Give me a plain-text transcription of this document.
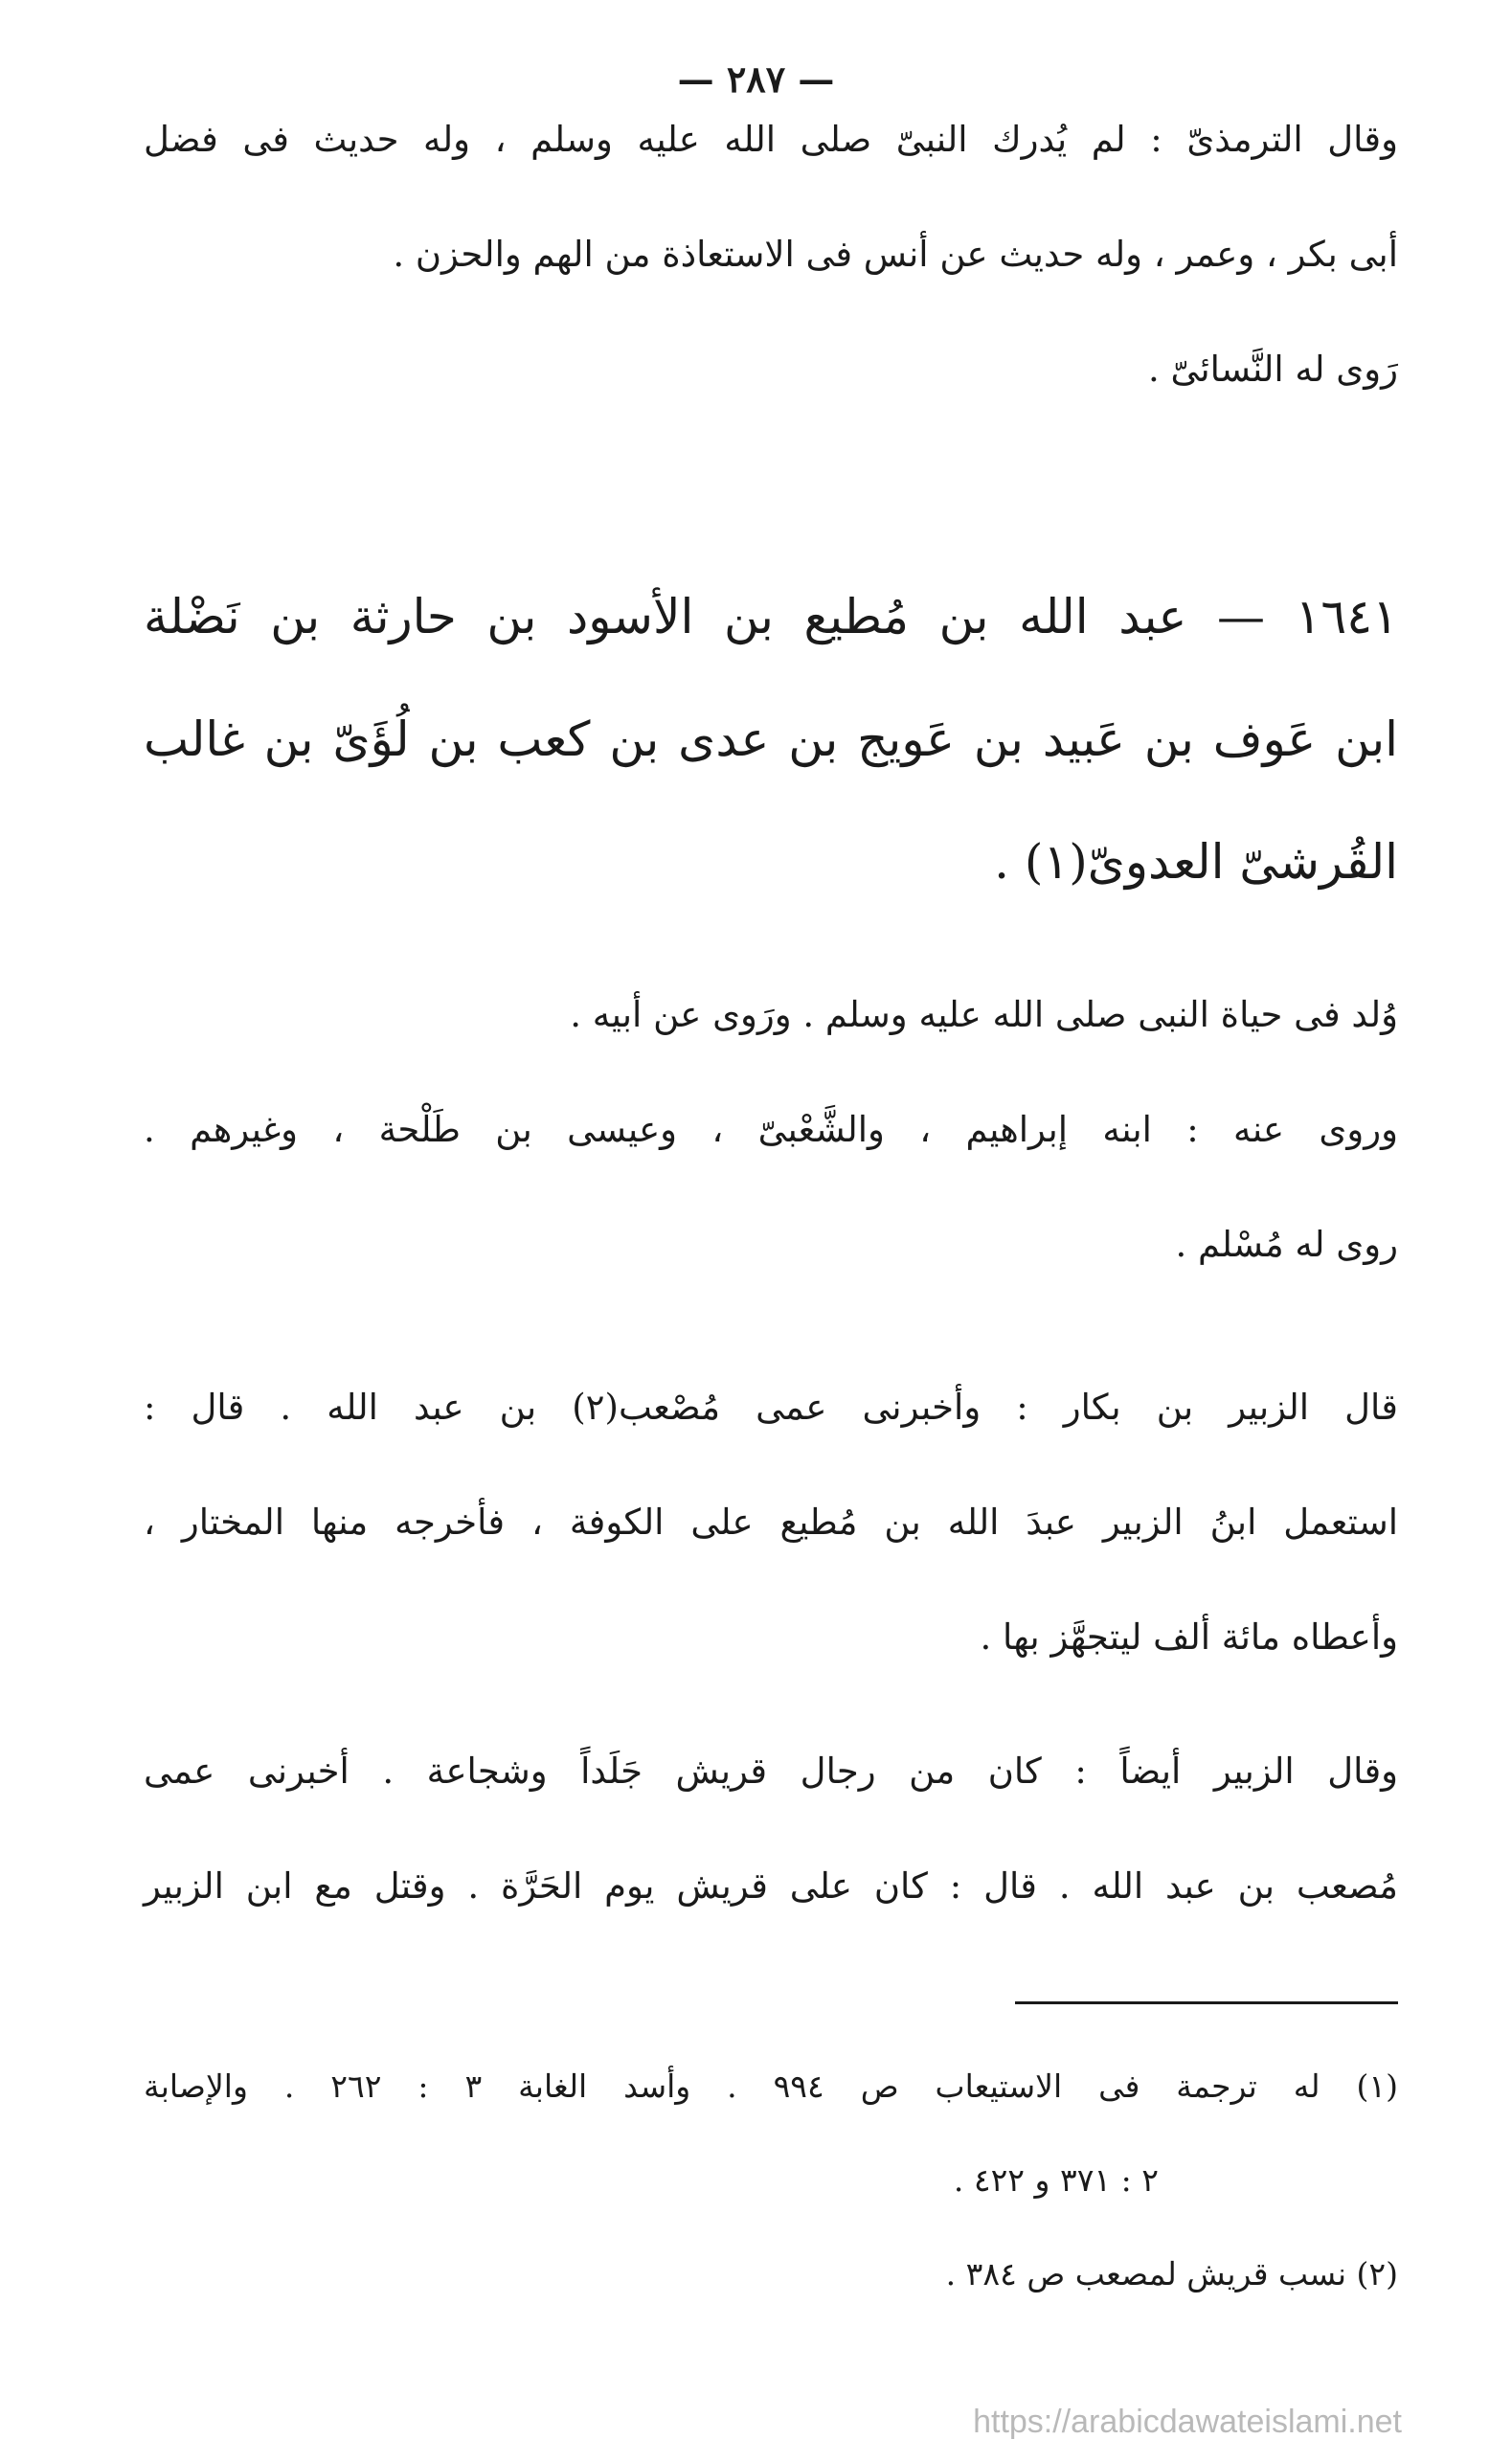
— ٢٨٧ —
وقال الترمذىّ : لم يُدرك النبىّ صلى الله عليه وسلم ، وله حديث فى فضل
أبى بكر ، وعمر ، وله حديث عن أنس فى الاستعاذة من الهم والحزن .
رَوى له النَّسائىّ .
١٦٤١ — عبد الله بن مُطيع بن الأسود بن حارثة بن نَضْلة
ابن عَوف بن عَبيد بن عَويج بن عدى بن كعب بن لُؤَىّ بن غالب
القُرشىّ العدوىّ(١) .
وُلد فى حياة النبى صلى الله عليه وسلم . ورَوى عن أبيه .
وروى عنه : ابنه إبراهيم ، والشَّعْبىّ ، وعيسى بن طَلْحة ، وغيرهم .
روى له مُسْلم .
قال الزبير بن بكار : وأخبرنى عمى مُصْعب(٢) بن عبد الله . قال :
استعمل ابنُ الزبير عبدَ الله بن مُطيع على الكوفة ، فأخرجه منها المختار ،
وأعطاه مائة ألف ليتجهَّز بها .
وقال الزبير أيضاً : كان من رجال قريش جَلَداً وشجاعة . أخبرنى عمى
مُصعب بن عبد الله . قال : كان على قريش يوم الحَرَّة . وقتل مع ابن الزبير
(١) له ترجمة فى الاستيعاب ص ٩٩٤ . وأسد الغابة ٣ : ٢٦٢ . والإصابة
٢ : ٣٧١ و ٤٢٢ .
(٢) نسب قريش لمصعب ص ٣٨٤ .
https://arabicdawateislami.net
